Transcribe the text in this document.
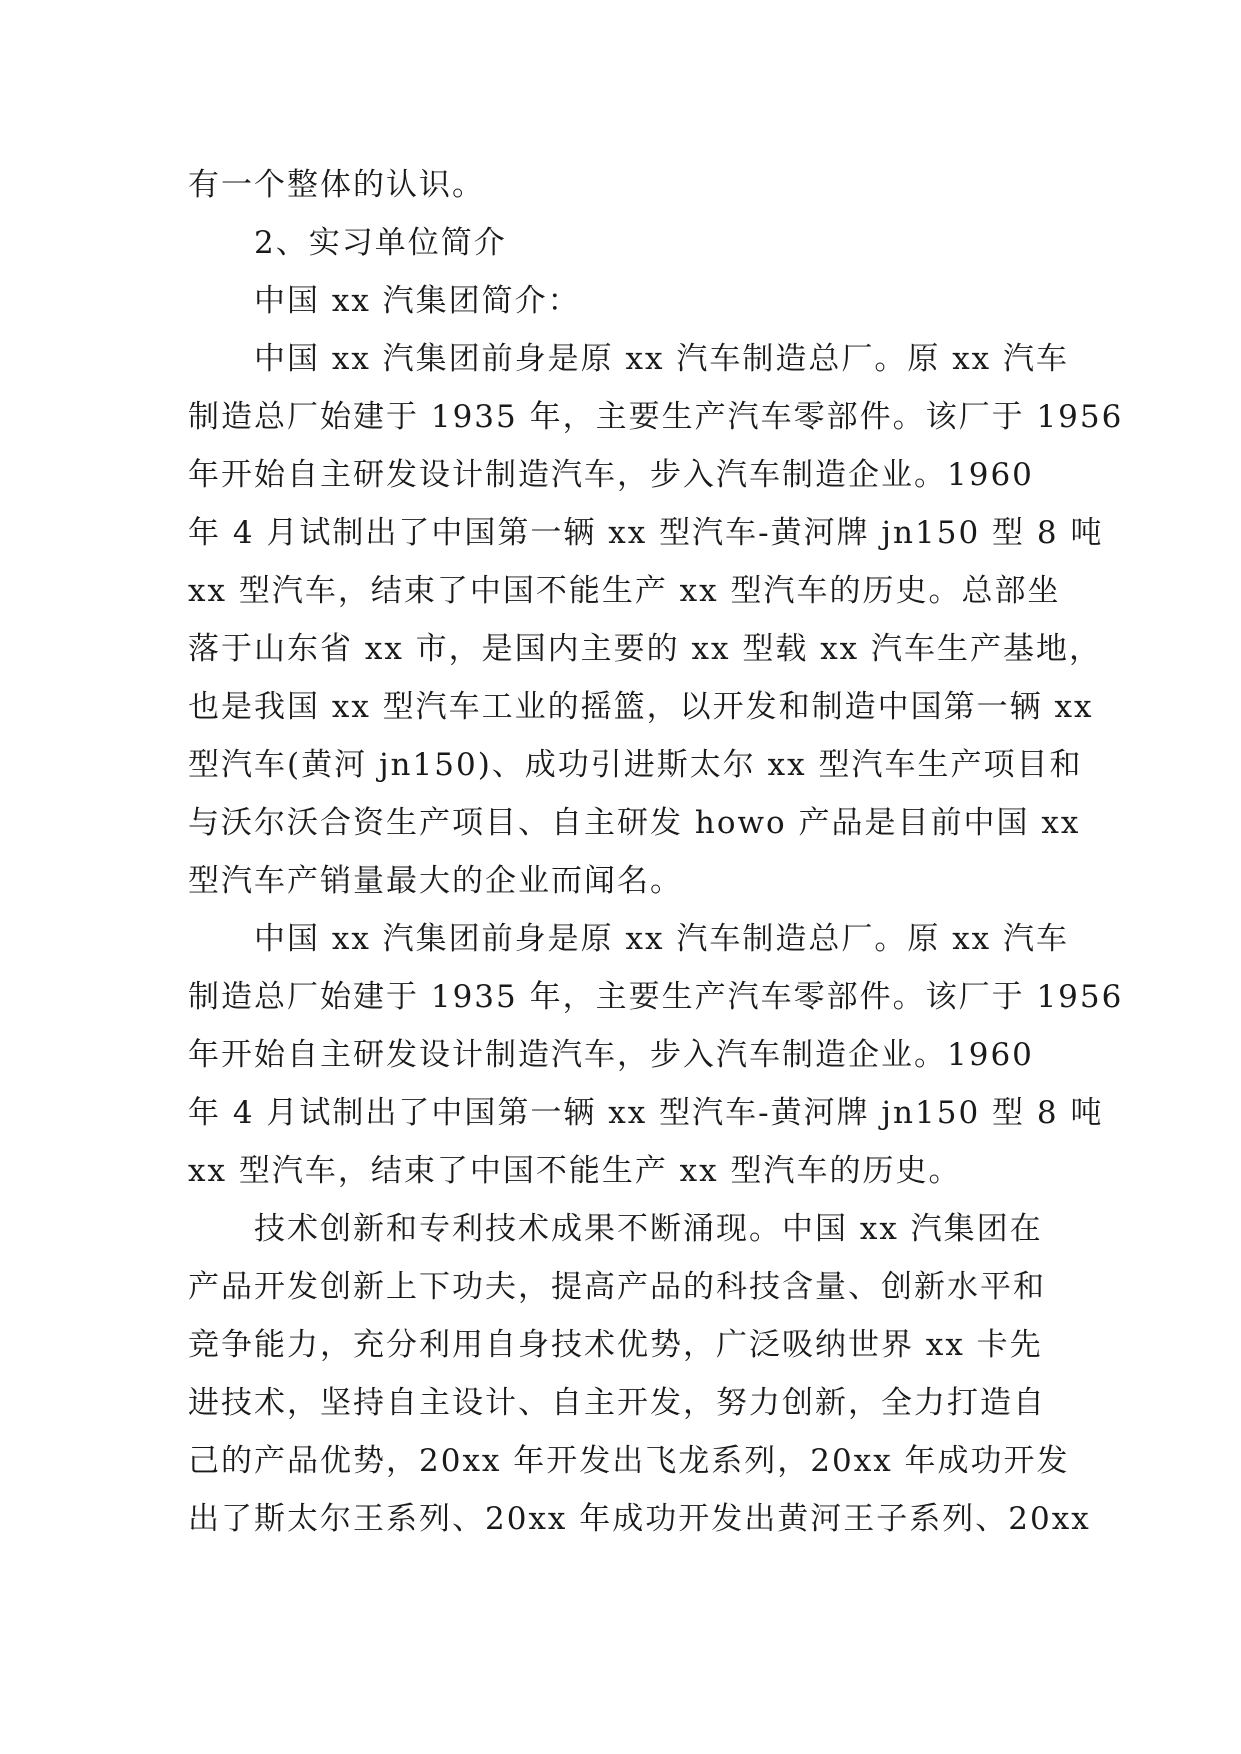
有一个整体的认识。
2、实习单位简介
中国 xx 汽集团简介：
中国 xx 汽集团前身是原 xx 汽车制造总厂。原 xx 汽车
制造总厂始建于 1935 年，主要生产汽车零部件。该厂于 1956
年开始自主研发设计制造汽车，步入汽车制造企业。1960
年 4 月试制出了中国第一辆 xx 型汽车-黄河牌 jn150 型 8 吨
xx 型汽车，结束了中国不能生产 xx 型汽车的历史。总部坐
落于山东省 xx 市，是国内主要的 xx 型载 xx 汽车生产基地，
也是我国 xx 型汽车工业的摇篮，以开发和制造中国第一辆 xx
型汽车(黄河 jn150)、成功引进斯太尔 xx 型汽车生产项目和
与沃尔沃合资生产项目、自主研发 howo 产品是目前中国 xx
型汽车产销量最大的企业而闻名。
中国 xx 汽集团前身是原 xx 汽车制造总厂。原 xx 汽车
制造总厂始建于 1935 年，主要生产汽车零部件。该厂于 1956
年开始自主研发设计制造汽车，步入汽车制造企业。1960
年 4 月试制出了中国第一辆 xx 型汽车-黄河牌 jn150 型 8 吨
xx 型汽车，结束了中国不能生产 xx 型汽车的历史。
技术创新和专利技术成果不断涌现。中国 xx 汽集团在
产品开发创新上下功夫，提高产品的科技含量、创新水平和
竞争能力，充分利用自身技术优势，广泛吸纳世界 xx 卡先
进技术，坚持自主设计、自主开发，努力创新，全力打造自
己的产品优势，20xx 年开发出飞龙系列，20xx 年成功开发
出了斯太尔王系列、20xx 年成功开发出黄河王子系列、20xx
